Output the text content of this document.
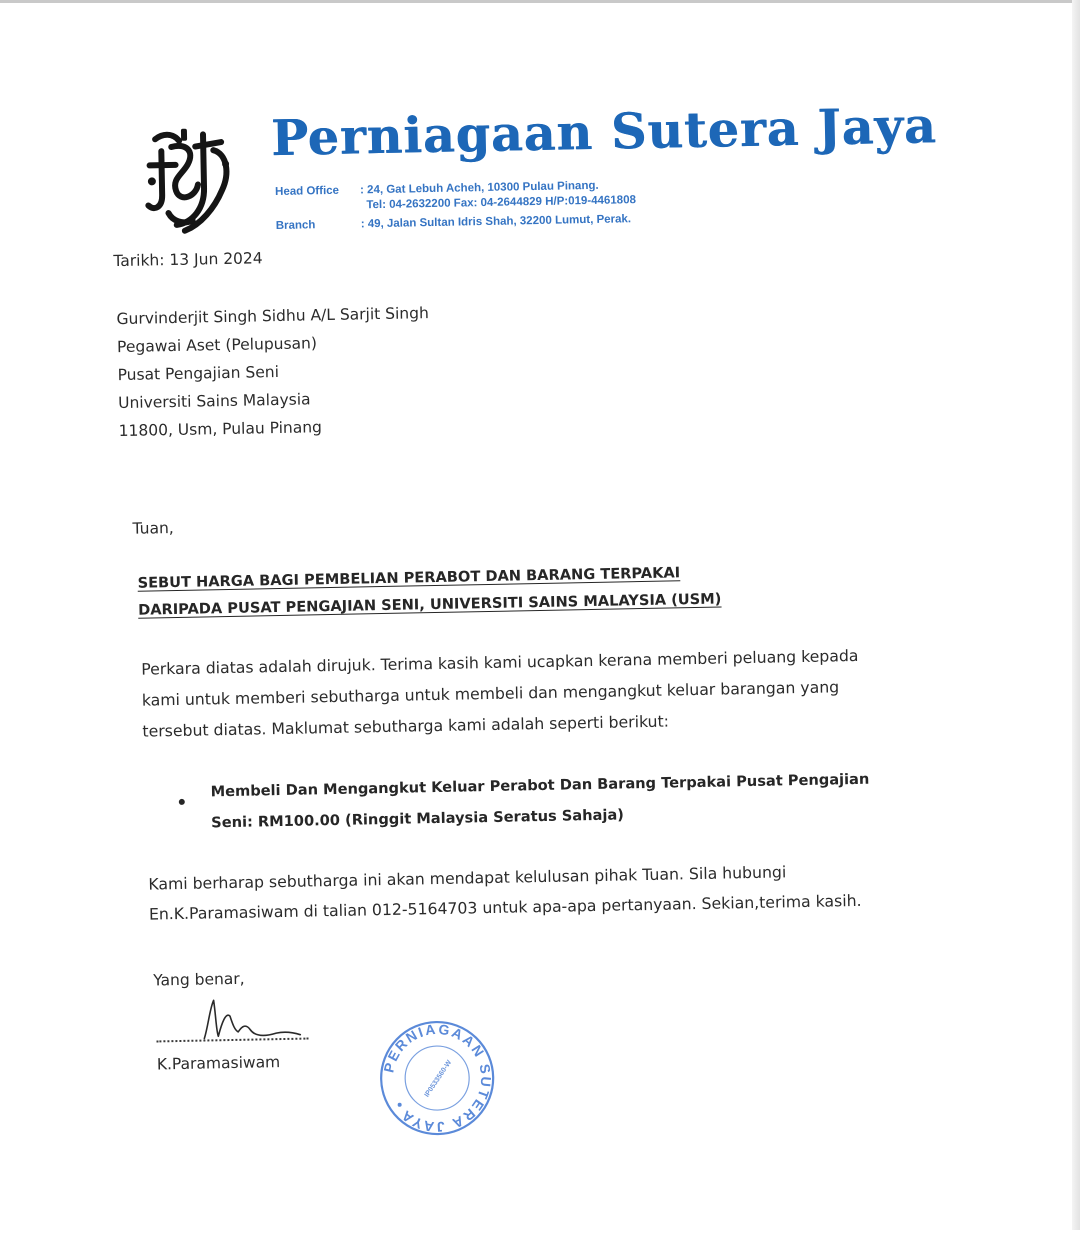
Perniagaan Sutera Jaya
Head Office : 24, Gat Lebuh Acheh, 10300 Pulau Pinang.
Tel: 04-2632200 Fax: 04-2644829 H/P:019-4461808
Branch	: 49, Jalan Sultan Idris Shah, 32200 Lumut, Perak.
Tarikh: 13 Jun 2024
Gurvinderjit Singh Sidhu A/L Sarjit Singh
Pegawai Aset (Pelupusan)
Pusat Pengajian Seni
Universiti Sains Malaysia
11800, Usm, Pulau Pinang
Tuan,
SEBUT HARGA BAGI PEMBELIAN PERABOT DAN BARANG TERPAKAI
DARIPADA PUSAT PENGAJIAN SENI, UNIVERSITI SAINS MALAYSIA (USM)
Perkara diatas adalah dirujuk. Terima kasih kami ucapkan kerana memberi peluang kepada
kami untuk memberi sebutharga untuk membeli dan mengangkut keluar barangan yang
tersebut diatas. Maklumat sebutharga kami adalah seperti berikut:
Membeli Dan Mengangkut Keluar Perabot Dan Barang Terpakai Pusat Pengajian
Seni: RM100.00 (Ringgit Malaysia Seratus Sahaja)
Kami berharap sebutharga ini akan mendapat kelulusan pihak Tuan. Sila hubungi
En.K.Paramasiwam di talian 012-5164703 untuk apa-apa pertanyaan. Sekian,terima kasih.
Yang benar,
K.Paramasiwam	PERNIAGAAN SUTERA JAYA
IP0533560-W
